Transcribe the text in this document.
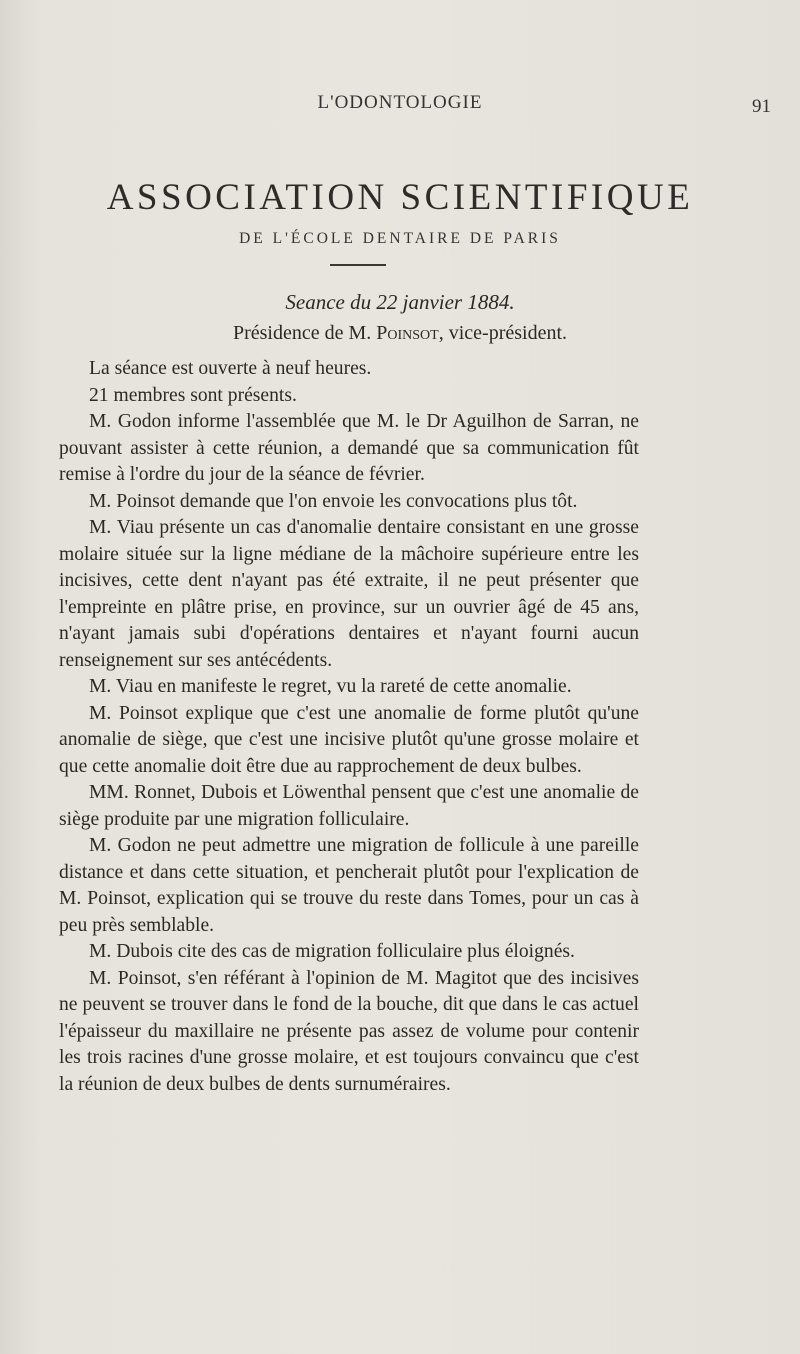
L'ODONTOLOGIE	91
ASSOCIATION SCIENTIFIQUE
DE L'ÉCOLE DENTAIRE DE PARIS
Seance du 22 janvier 1884.
Présidence de M. Poinsot, vice-président.

La séance est ouverte à neuf heures.

21 membres sont présents.

M. Godon informe l'assemblée que M. le Dr Aguilhon de Sarran, ne pouvant assister à cette réunion, a demandé que sa communication fût remise à l'ordre du jour de la séance de février.

M. Poinsot demande que l'on envoie les convocations plus tôt.

M. Viau présente un cas d'anomalie dentaire consistant en une grosse molaire située sur la ligne médiane de la mâchoire supérieure entre les incisives, cette dent n'ayant pas été extraite, il ne peut présenter que l'empreinte en plâtre prise, en province, sur un ouvrier âgé de 45 ans, n'ayant jamais subi d'opérations dentaires et n'ayant fourni aucun renseignement sur ses antécédents.

M. Viau en manifeste le regret, vu la rareté de cette anomalie.

M. Poinsot explique que c'est une anomalie de forme plutôt qu'une anomalie de siège, que c'est une incisive plutôt qu'une grosse molaire et que cette anomalie doit être due au rapprochement de deux bulbes.

MM. Ronnet, Dubois et Löwenthal pensent que c'est une anomalie de siège produite par une migration folliculaire.

M. Godon ne peut admettre une migration de follicule à une pareille distance et dans cette situation, et pencherait plutôt pour l'explication de M. Poinsot, explication qui se trouve du reste dans Tomes, pour un cas à peu près semblable.

M. Dubois cite des cas de migration folliculaire plus éloignés.

M. Poinsot, s'en référant à l'opinion de M. Magitot que des incisives ne peuvent se trouver dans le fond de la bouche, dit que dans le cas actuel l'épaisseur du maxillaire ne présente pas assez de volume pour contenir les trois racines d'une grosse molaire, et est toujours convaincu que c'est la réunion de deux bulbes de dents surnuméraires.
